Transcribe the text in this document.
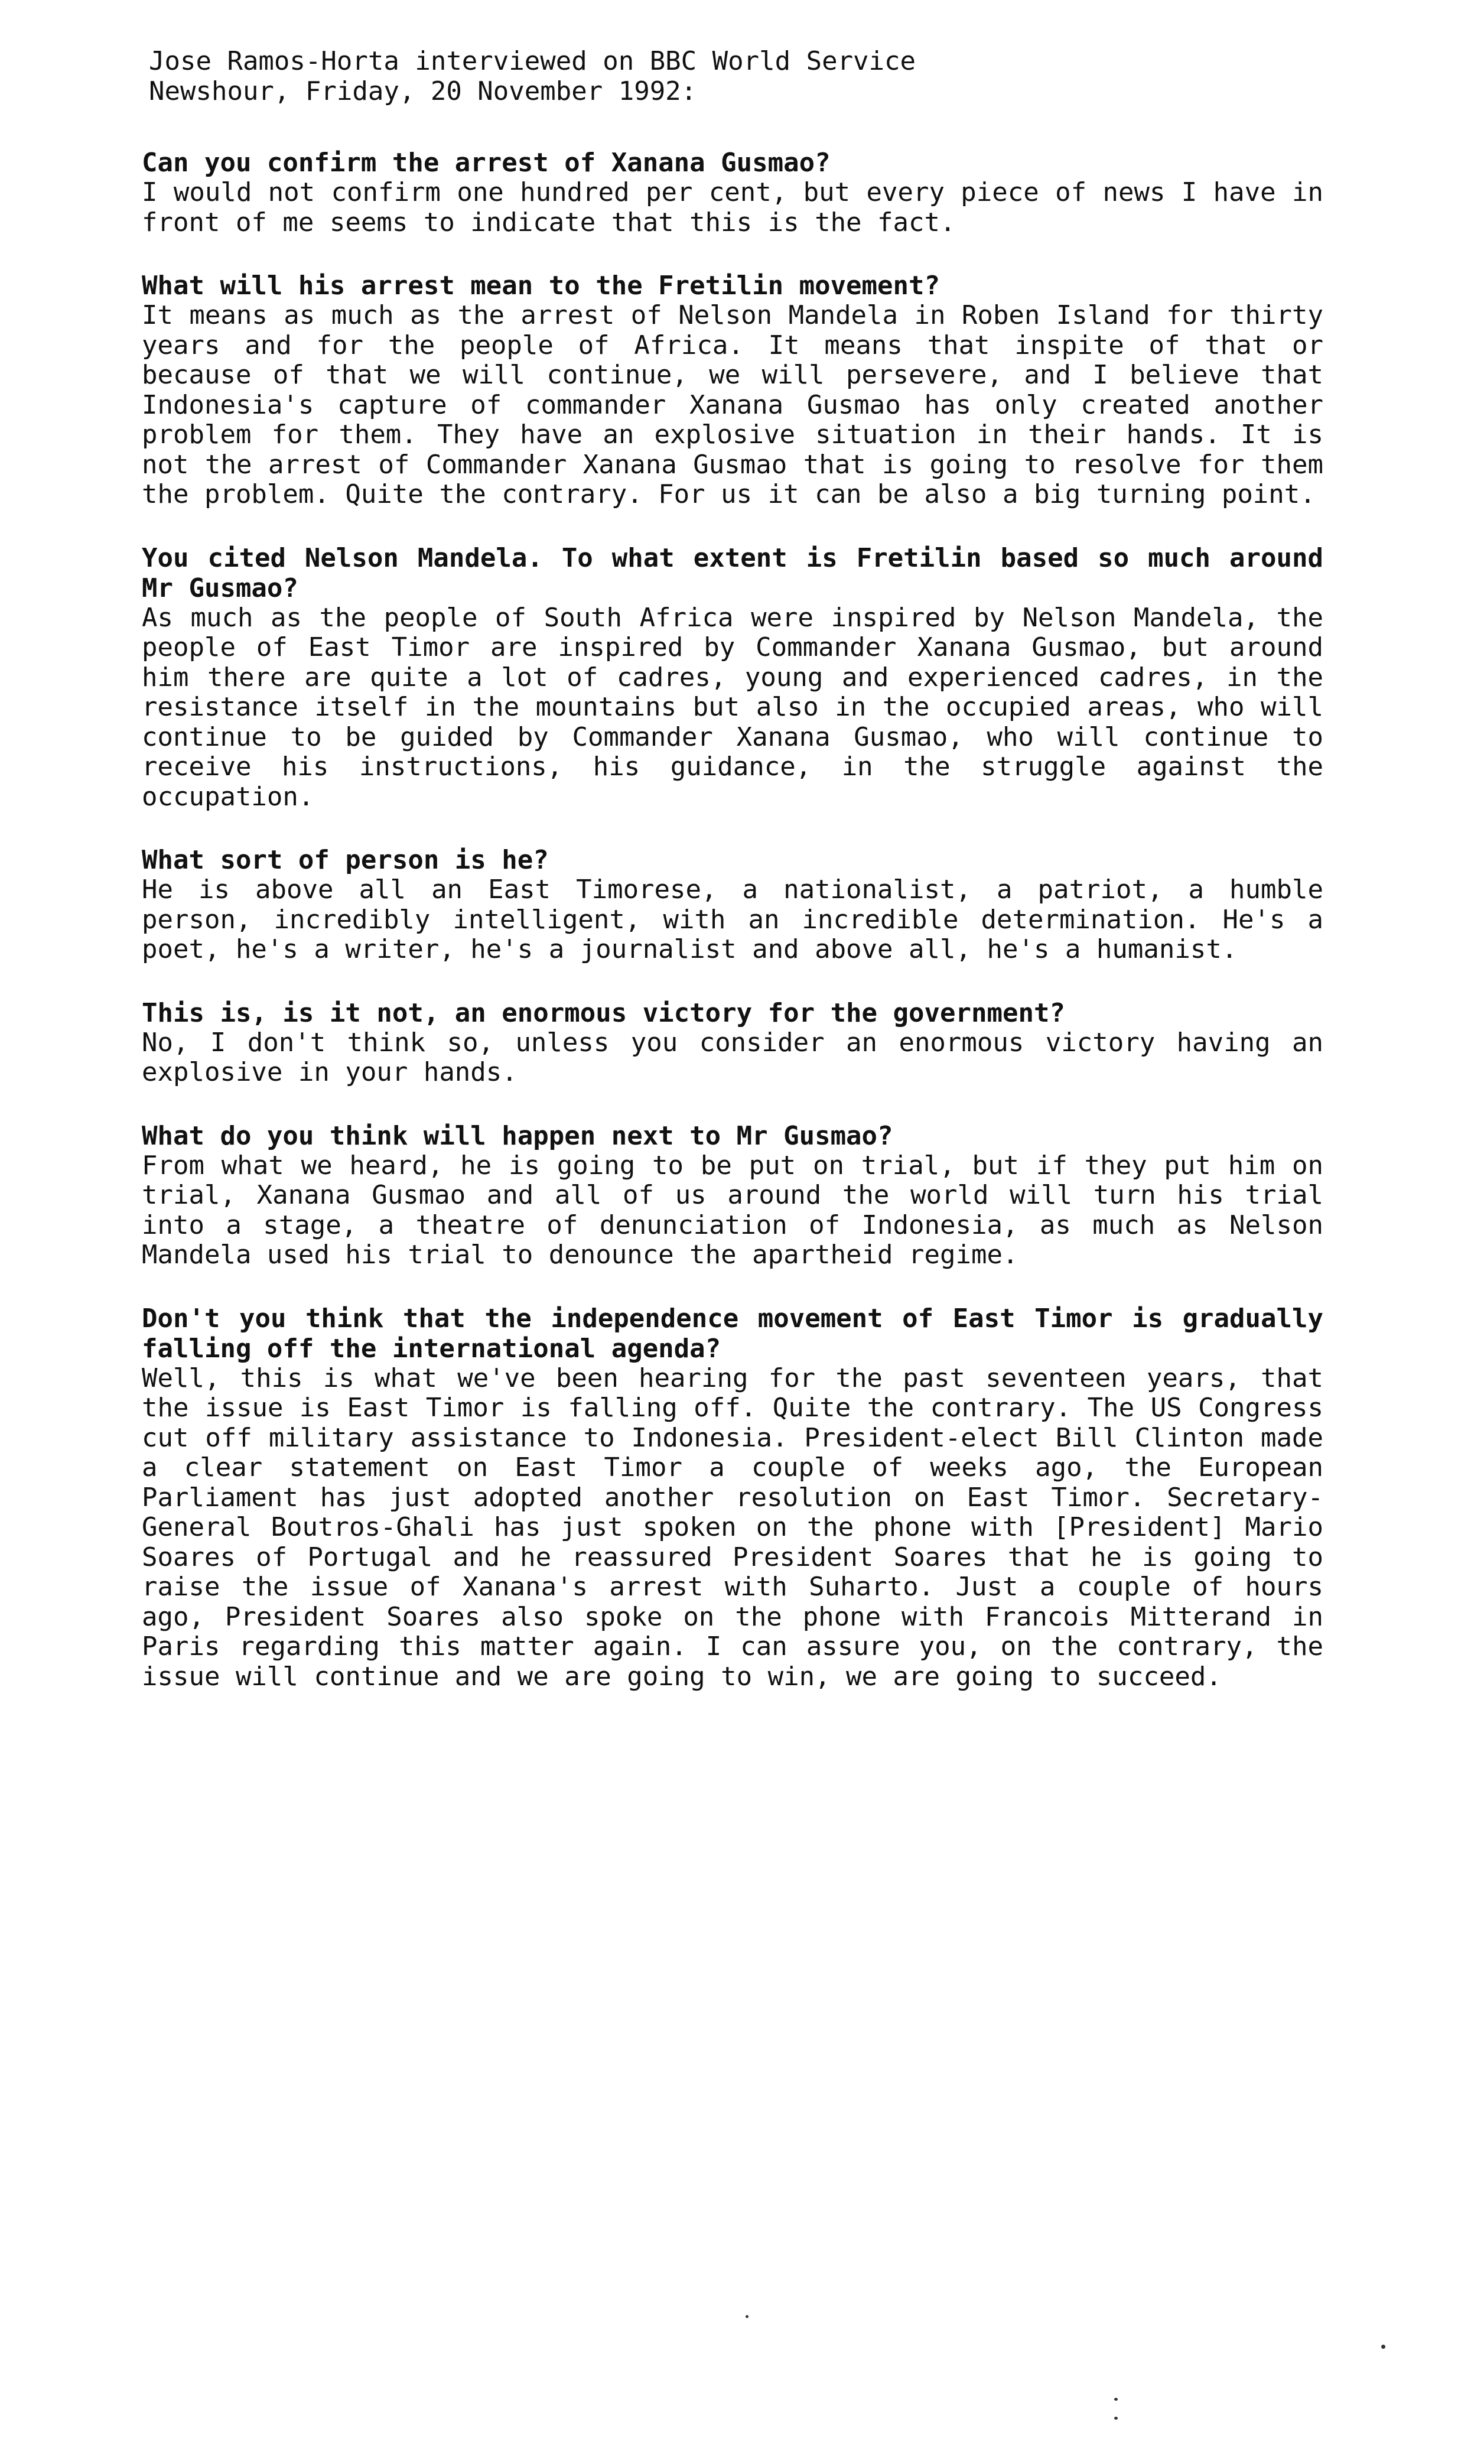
Jose Ramos-Horta interviewed on BBC World Service
Newshour, Friday, 20 November 1992:

Can you confirm the arrest of Xanana Gusmao?

I would not confirm one hundred per cent, but every piece of news I have in front of me seems to indicate that this is the fact.

What will his arrest mean to the Fretilin movement?

It means as much as the arrest of Nelson Mandela in Roben Island for thirty years and for the people of Africa. It means that inspite of that or because of that we will continue, we will persevere, and I believe that Indonesia's capture of commander Xanana Gusmao has only created another problem for them. They have an explosive situation in their hands. It is not the arrest of Commander Xanana Gusmao that is going to resolve for them the problem. Quite the contrary. For us it can be also a big turning point.

You cited Nelson Mandela. To what extent is Fretilin based so much around Mr Gusmao?

As much as the people of South Africa were inspired by Nelson Mandela, the people of East Timor are inspired by Commander Xanana Gusmao, but around him there are quite a lot of cadres, young and experienced cadres, in the resistance itself in the mountains but also in the occupied areas, who will continue to be guided by Commander Xanana Gusmao, who will continue to receive his instructions, his guidance, in the struggle against the occupation.

What sort of person is he?

He is above all an East Timorese, a nationalist, a patriot, a humble person, incredibly intelligent, with an incredible determination. He's a poet, he's a writer, he's a journalist and above all, he's a humanist.

This is, is it not, an enormous victory for the government?

No, I don't think so, unless you consider an enormous victory having an explosive in your hands.

What do you think will happen next to Mr Gusmao?

From what we heard, he is going to be put on trial, but if they put him on trial, Xanana Gusmao and all of us around the world will turn his trial into a stage, a theatre of denunciation of Indonesia, as much as Nelson Mandela used his trial to denounce the apartheid regime.

Don't you think that the independence movement of East Timor is gradually falling off the international agenda?

Well, this is what we've been hearing for the past seventeen years, that the issue is East Timor is falling off. Quite the contrary. The US Congress cut off military assistance to Indonesia. President-elect Bill Clinton made a clear statement on East Timor a couple of weeks ago, the European Parliament has just adopted another resolution on East Timor. Secretary-General Boutros-Ghali has just spoken on the phone with [President] Mario Soares of Portugal and he reassured President Soares that he is going to raise the issue of Xanana's arrest with Suharto. Just a couple of hours ago, President Soares also spoke on the phone with Francois Mitterand in Paris regarding this matter again. I can assure you, on the contrary, the issue will continue and we are going to win, we are going to succeed.
